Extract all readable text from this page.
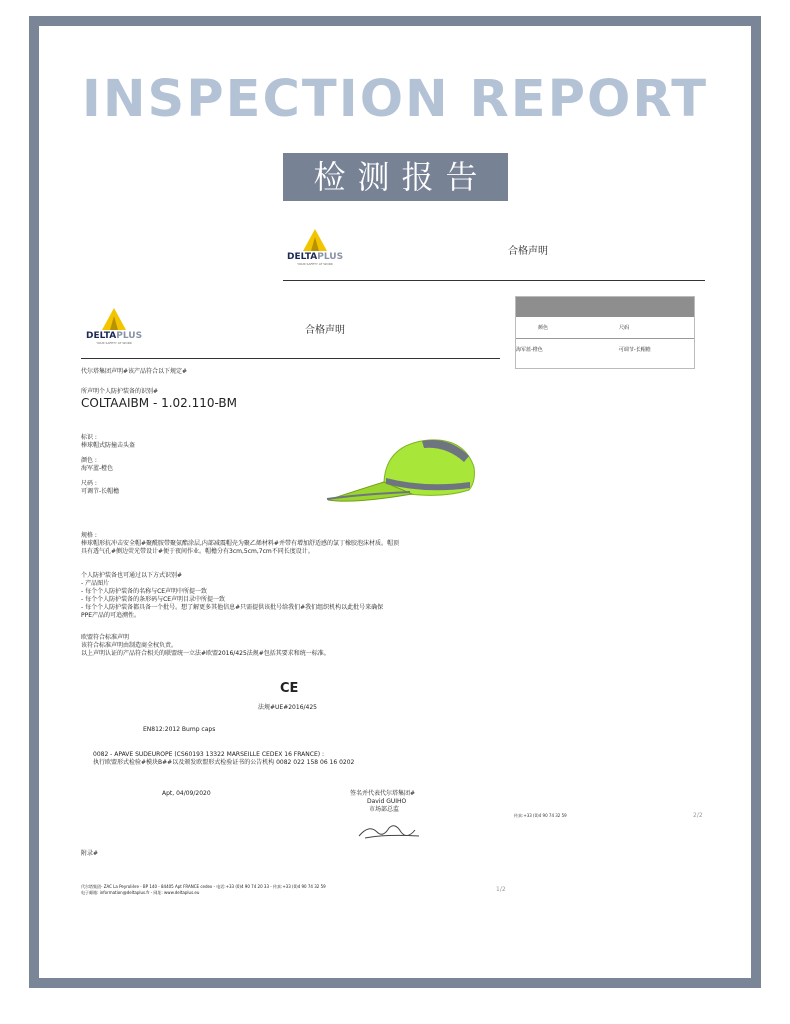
INSPECTION REPORT
检测报告
DELTAPLUS
YOUR SAFETY AT WORK
合格声明
颜色	尺码
海军蓝-橙色	可调节-长帽檐
传真:+33 (0)4 90 74 32 59	2/2
DELTAPLUS
YOUR SAFETY AT WORK
合格声明
代尔塔集团声明#该产品符合以下规定#
所声明个人防护装备的识别#
COLTAAIBM - 1.02.110-BM
标识 :
棒球帽式防撞击头盔
颜色 :
海军蓝-橙色
尺码 :
可调节-长帽檐
规格 :
棒球帽形抗冲击安全帽#聚酰胺带聚氨酯涂层,内部减震帽壳为聚乙烯材料#并带有增加舒适感的氯丁橡胶泡沫材质。帽顶
具有透气孔#侧边荧光带设计#便于夜间作业。帽檐分有3cm,5cm,7cm不同长度设计。
个人防护装备也可通过以下方式识别#
- 产品图片
- 每个个人防护装备的名称与CE声明中所提一致
- 每个个人防护装备的条形码与CE声明目录中所提一致
- 每个个人防护装备都具备一个批号。想了解更多其他信息#只需提供该批号给我们#我们组织机构以此批号来确保
PPE产品的可追溯性。
欧盟符合标准声明
该符合标准声明由制造商全权负责。
以上声明认证的产品符合相关的联盟统一立法#欧盟2016/425法规#包括其要求和统一标准。
CE
法规#UE#2016/425
EN812:2012 Bump caps
0082 - APAVE SUDEUROPE (CS60193 13322 MARSEILLE CEDEX 16 FRANCE) :
执行欧盟形式检验#模块B##以及颁发欧盟形式检验证书的公告机构 0082 022 158 06 16 0202
Apt, 04/09/2020	签名并代表代尔塔集团#
David GUIHO
市场部总监
附录#
代尔塔集团- ZAC La Peyrolière - BP 140 - 84405 Apt FRANCE cedex - 电话:+33 (0)4 90 74 20 33 - 传真:+33 (0)4 90 74 32 59
电子邮箱: information@deltaplus.fr - 网址: www.deltaplus.eu	1/2
